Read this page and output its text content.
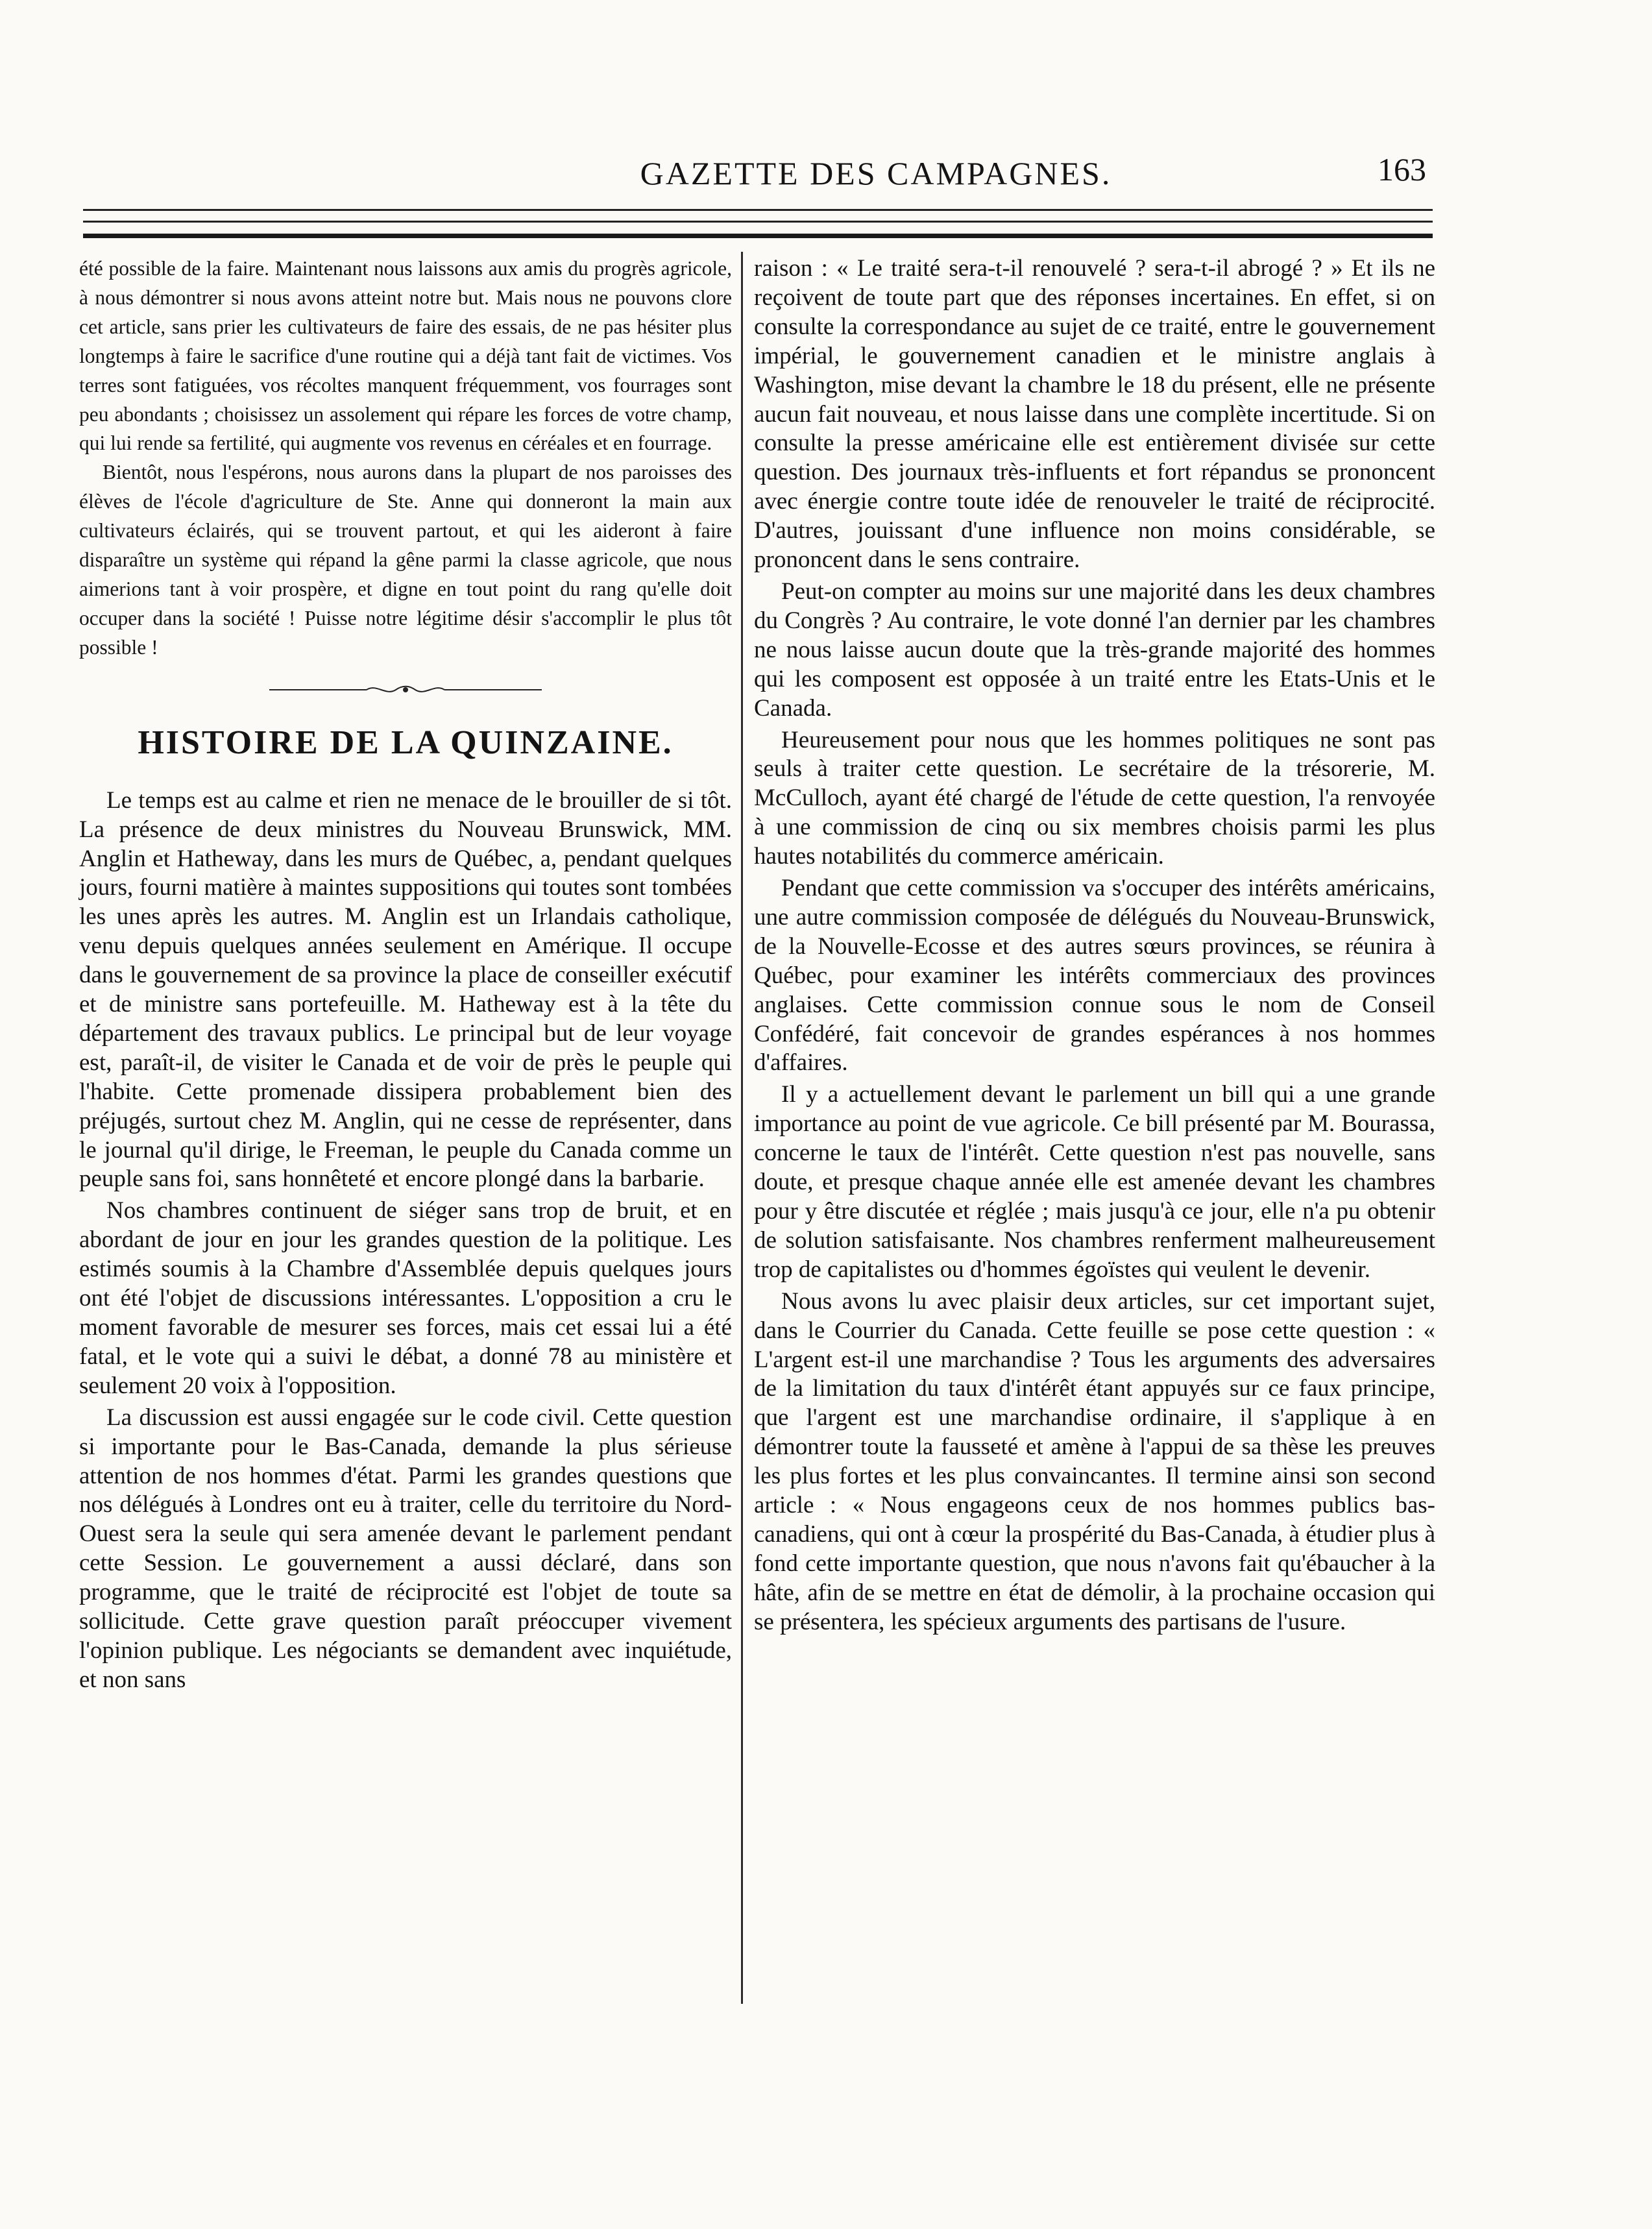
GAZETTE DES CAMPAGNES.	163

été possible de la faire. Maintenant nous laissons aux amis du progrès agricole, à nous démontrer si nous avons atteint notre but. Mais nous ne pouvons clore cet article, sans prier les cultivateurs de faire des essais, de ne pas hésiter plus longtemps à faire le sacrifice d'une routine qui a déjà tant fait de victimes. Vos terres sont fatiguées, vos récoltes manquent fréquemment, vos fourrages sont peu abondants ; choisissez un assolement qui répare les forces de votre champ, qui lui rende sa fertilité, qui augmente vos revenus en céréales et en fourrage.

Bientôt, nous l'espérons, nous aurons dans la plupart de nos paroisses des élèves de l'école d'agriculture de Ste. Anne qui donneront la main aux cultivateurs éclairés, qui se trouvent partout, et qui les aideront à faire disparaître un système qui répand la gêne parmi la classe agricole, que nous aimerions tant à voir prospère, et digne en tout point du rang qu'elle doit occuper dans la société ! Puisse notre légitime désir s'accomplir le plus tôt possible !

HISTOIRE DE LA QUINZAINE.

Le temps est au calme et rien ne menace de le brouiller de si tôt. La présence de deux ministres du Nouveau Brunswick, MM. Anglin et Hatheway, dans les murs de Québec, a, pendant quelques jours, fourni matière à maintes suppositions qui toutes sont tombées les unes après les autres. M. Anglin est un Irlandais catholique, venu depuis quelques années seulement en Amérique. Il occupe dans le gouvernement de sa province la place de conseiller exécutif et de ministre sans portefeuille. M. Hatheway est à la tête du département des travaux publics. Le principal but de leur voyage est, paraît-il, de visiter le Canada et de voir de près le peuple qui l'habite. Cette promenade dissipera probablement bien des préjugés, surtout chez M. Anglin, qui ne cesse de représenter, dans le journal qu'il dirige, le Freeman, le peuple du Canada comme un peuple sans foi, sans honnêteté et encore plongé dans la barbarie.

Nos chambres continuent de siéger sans trop de bruit, et en abordant de jour en jour les grandes question de la politique. Les estimés soumis à la Chambre d'Assemblée depuis quelques jours ont été l'objet de discussions intéressantes. L'opposition a cru le moment favorable de mesurer ses forces, mais cet essai lui a été fatal, et le vote qui a suivi le débat, a donné 78 au ministère et seulement 20 voix à l'opposition.

La discussion est aussi engagée sur le code civil. Cette question si importante pour le Bas-Canada, demande la plus sérieuse attention de nos hommes d'état. Parmi les grandes questions que nos délégués à Londres ont eu à traiter, celle du territoire du Nord-Ouest sera la seule qui sera amenée devant le parlement pendant cette Session. Le gouvernement a aussi déclaré, dans son programme, que le traité de réciprocité est l'objet de toute sa sollicitude. Cette grave question paraît préoccuper vivement l'opinion publique. Les négociants se demandent avec inquiétude, et non sans

raison : « Le traité sera-t-il renouvelé ? sera-t-il abrogé ? » Et ils ne reçoivent de toute part que des réponses incertaines. En effet, si on consulte la correspondance au sujet de ce traité, entre le gouvernement impérial, le gouvernement canadien et le ministre anglais à Washington, mise devant la chambre le 18 du présent, elle ne présente aucun fait nouveau, et nous laisse dans une complète incertitude. Si on consulte la presse américaine elle est entièrement divisée sur cette question. Des journaux très-influents et fort répandus se prononcent avec énergie contre toute idée de renouveler le traité de réciprocité. D'autres, jouissant d'une influence non moins considérable, se prononcent dans le sens contraire.

Peut-on compter au moins sur une majorité dans les deux chambres du Congrès ? Au contraire, le vote donné l'an dernier par les chambres ne nous laisse aucun doute que la très-grande majorité des hommes qui les composent est opposée à un traité entre les Etats-Unis et le Canada.

Heureusement pour nous que les hommes politiques ne sont pas seuls à traiter cette question. Le secrétaire de la trésorerie, M. McCulloch, ayant été chargé de l'étude de cette question, l'a renvoyée à une commission de cinq ou six membres choisis parmi les plus hautes notabilités du commerce américain.

Pendant que cette commission va s'occuper des intérêts américains, une autre commission composée de délégués du Nouveau-Brunswick, de la Nouvelle-Ecosse et des autres sœurs provinces, se réunira à Québec, pour examiner les intérêts commerciaux des provinces anglaises. Cette commission connue sous le nom de Conseil Confédéré, fait concevoir de grandes espérances à nos hommes d'affaires.

Il y a actuellement devant le parlement un bill qui a une grande importance au point de vue agricole. Ce bill présenté par M. Bourassa, concerne le taux de l'intérêt. Cette question n'est pas nouvelle, sans doute, et presque chaque année elle est amenée devant les chambres pour y être discutée et réglée ; mais jusqu'à ce jour, elle n'a pu obtenir de solution satisfaisante. Nos chambres renferment malheureusement trop de capitalistes ou d'hommes égoïstes qui veulent le devenir.

Nous avons lu avec plaisir deux articles, sur cet important sujet, dans le Courrier du Canada. Cette feuille se pose cette question : « L'argent est-il une marchandise ? Tous les arguments des adversaires de la limitation du taux d'intérêt étant appuyés sur ce faux principe, que l'argent est une marchandise ordinaire, il s'applique à en démontrer toute la fausseté et amène à l'appui de sa thèse les preuves les plus fortes et les plus convaincantes. Il termine ainsi son second article : « Nous engageons ceux de nos hommes publics bas-canadiens, qui ont à cœur la prospérité du Bas-Canada, à étudier plus à fond cette importante question, que nous n'avons fait qu'ébaucher à la hâte, afin de se mettre en état de démolir, à la prochaine occasion qui se présentera, les spécieux arguments des partisans de l'usure.
